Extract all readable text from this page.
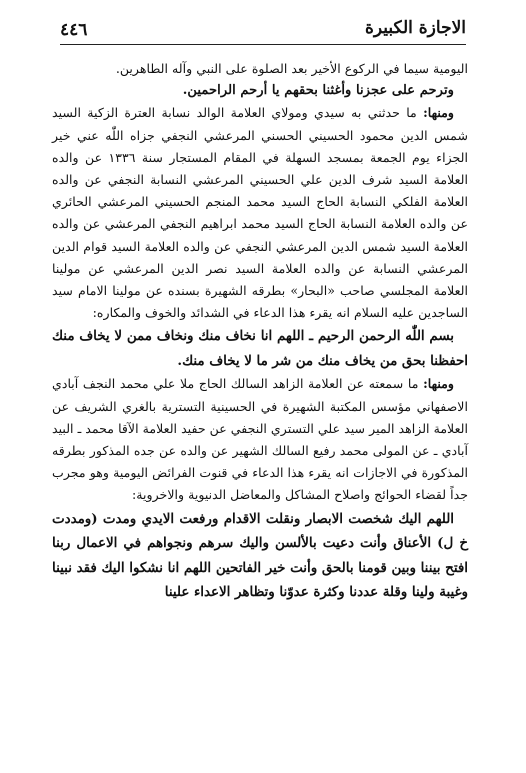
٤٤٦	الاجازة الكبيرة

اليومية سيما في الركوع الأخير بعد الصلوة على النبي وآله الطاهرين.

وترحم على عجزنا وأغثنا بحقهم يا أرحم الراحمين.

ومنها: ما حدثني به سيدي ومولاي العلامة الوالد نسابة العترة الزكية السيد شمس الدين محمود الحسيني الحسني المرعشي النجفي جزاه اللّٰه عني خير الجزاء يوم الجمعة بمسجد السهلة في المقام المستجار سنة ١٣٣٦ عن والده العلامة السيد شرف الدين علي الحسيني المرعشي النسابة النجفي عن والده العلامة الفلكي النسابة الحاج السيد محمد المنجم الحسيني المرعشي الحائري عن والده العلامة النسابة الحاج السيد محمد ابراهيم النجفي المرعشي عن والده العلامة السيد شمس الدين المرعشي النجفي عن والده العلامة السيد قوام الدين المرعشي النسابة عن والده العلامة السيد نصر الدين المرعشي عن مولينا العلامة المجلسي صاحب «البحار» بطرقه الشهيرة بسنده عن مولينا الامام سيد الساجدين عليه السلام انه يقرء هذا الدعاء في الشدائد والخوف والمكاره:

بسم اللّٰه الرحمن الرحيم ـ اللهم انا نخاف منك ونخاف ممن لا يخاف منك احفظنا بحق من يخاف منك من شر ما لا يخاف منك.

ومنها: ما سمعته عن العلامة الزاهد السالك الحاج ملا علي محمد النجف آبادي الاصفهاني مؤسس المكتبة الشهيرة في الحسينية التسترية بالغري الشريف عن العلامة الزاهد المير سيد علي التستري النجفي عن حفيد العلامة الآقا محمد ـ البيد آبادي ـ عن المولى محمد رفيع السالك الشهير عن والده عن جده المذكور بطرقه المذكورة في الاجازات انه يقرء هذا الدعاء في قنوت الفرائض اليومية وهو مجرب جداً لقضاء الحوائج واصلاح المشاكل والمعاضل الدنيوية والاخروية:

اللهم اليك شخصت الابصار ونقلت الاقدام ورفعت الايدي ومدت (ومددت خ ل) الأعناق وأنت دعيت بالألسن واليك سرهم ونجواهم في الاعمال ربنا افتح بيننا وبين قومنا بالحق وأنت خير الفاتحين اللهم انا نشكوا اليك فقد نبينا وغيبة ولينا وقلة عددنا وكثرة عدوّنا وتظاهر الاعداء علينا
